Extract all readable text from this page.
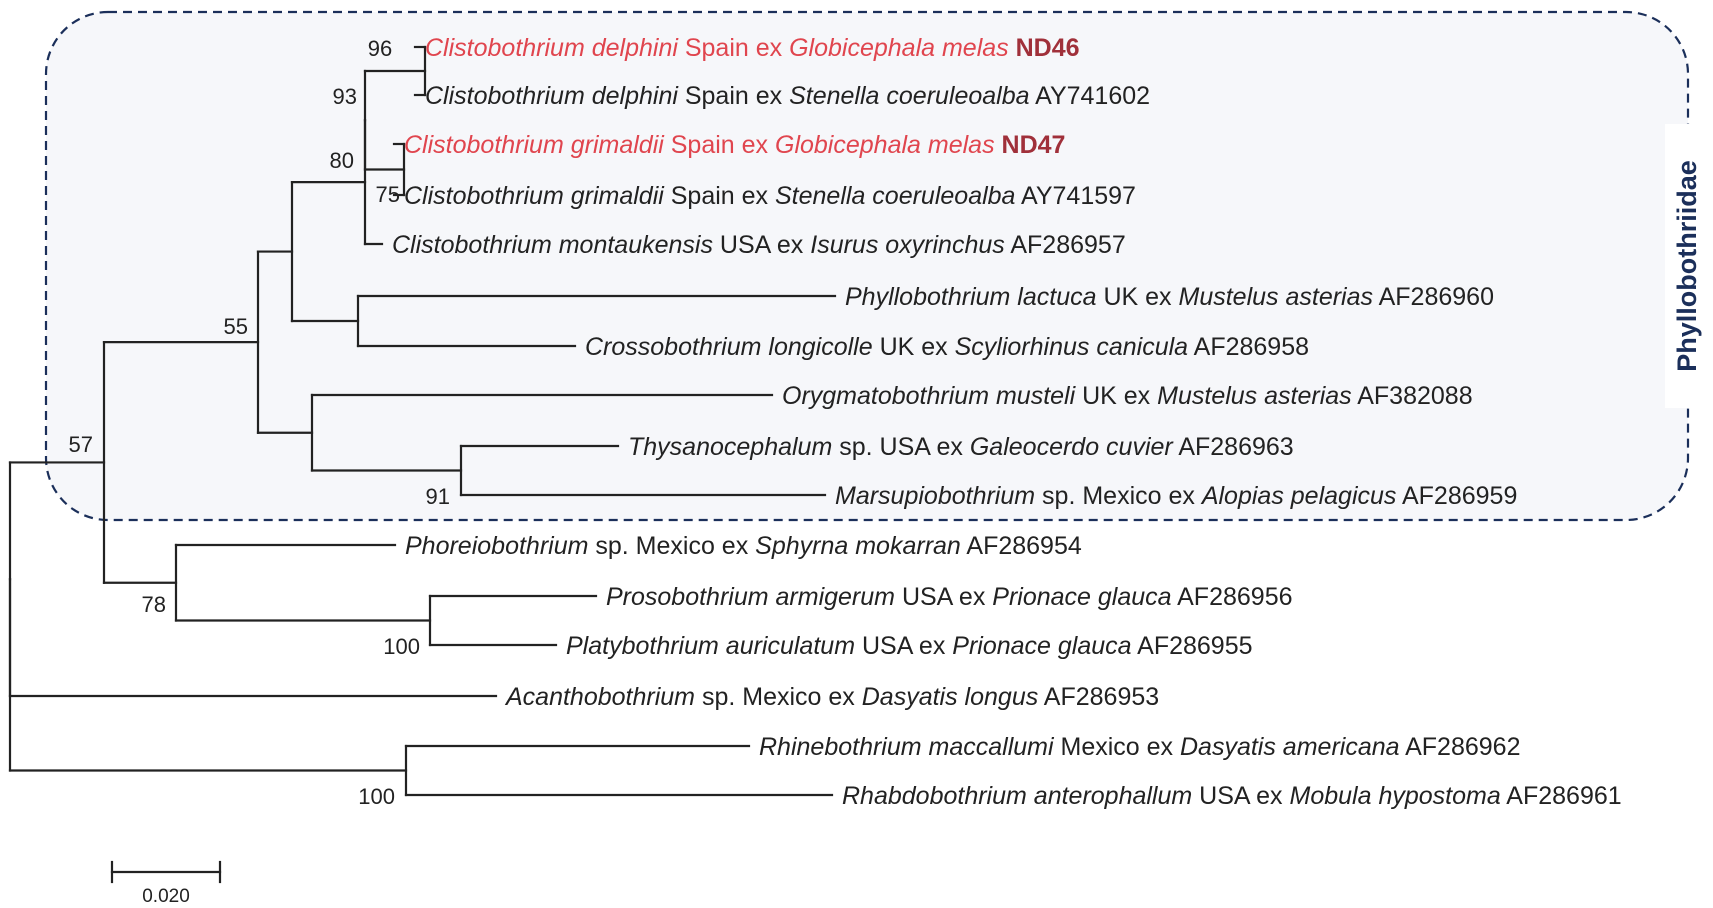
Phyllobothriidae
Clistobothrium delphini Spain ex Globicephala melas ND46
Clistobothrium delphini Spain ex Stenella coeruleoalba AY741602
Clistobothrium grimaldii Spain ex Globicephala melas ND47
Clistobothrium grimaldii Spain ex Stenella coeruleoalba AY741597
Clistobothrium montaukensis USA ex Isurus oxyrinchus AF286957
Phyllobothrium lactuca UK ex Mustelus asterias AF286960
Crossobothrium longicolle UK ex Scyliorhinus canicula AF286958
Orygmatobothrium musteli UK ex Mustelus asterias AF382088
Thysanocephalum sp. USA ex Galeocerdo cuvier AF286963
Marsupiobothrium sp. Mexico ex Alopias pelagicus AF286959
Phoreiobothrium sp. Mexico ex Sphyrna mokarran AF286954
Prosobothrium armigerum USA ex Prionace glauca AF286956
Platybothrium auriculatum USA ex Prionace glauca AF286955
Acanthobothrium sp. Mexico ex Dasyatis longus AF286953
Rhinebothrium maccallumi Mexico ex Dasyatis americana AF286962
Rhabdobothrium anterophallum USA ex Mobula hypostoma AF286961
96
93
75
80
55
91
57
78
100
100
0.020
